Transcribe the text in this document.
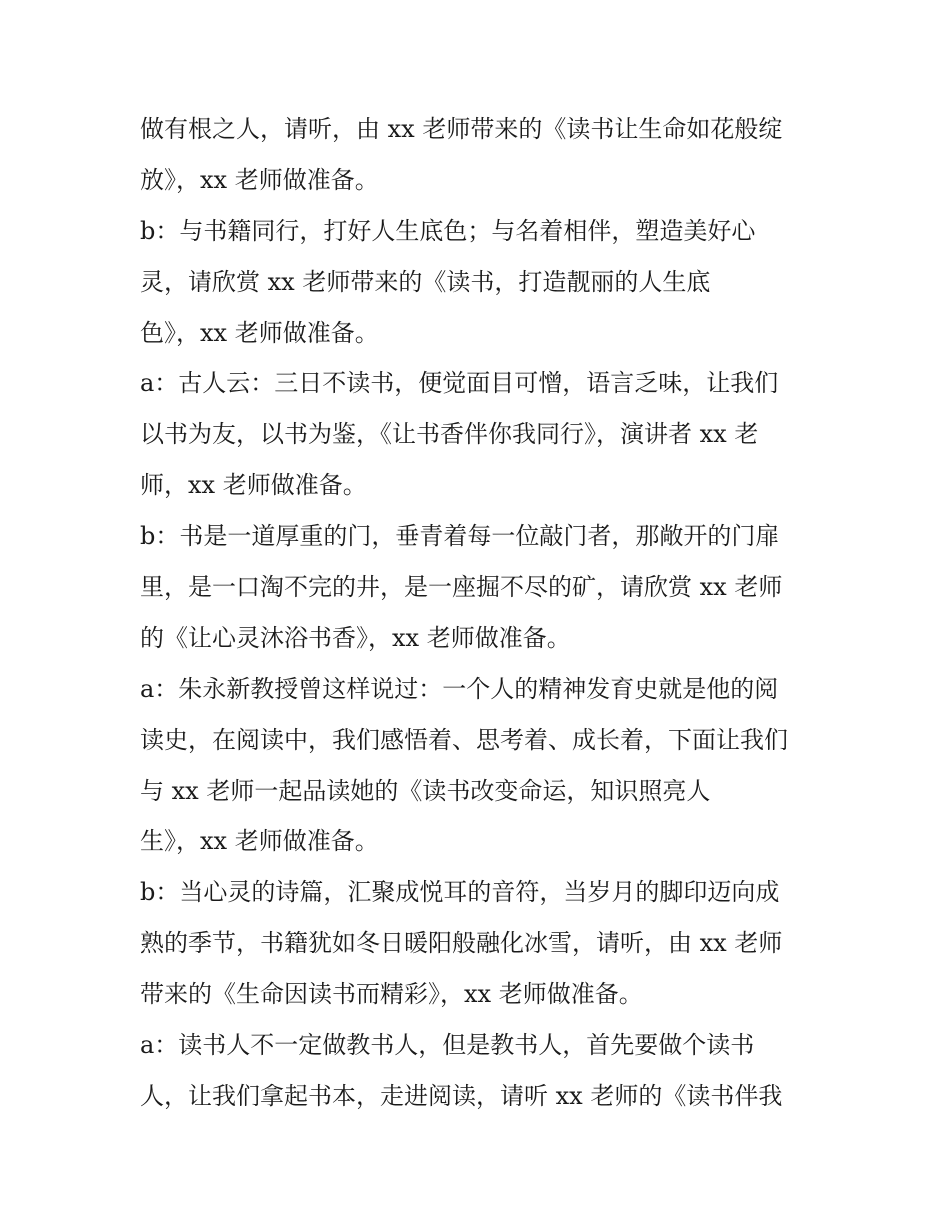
做有根之人，请听，由 xx 老师带来的《读书让生命如花般绽
放》，xx 老师做准备。
b：与书籍同行，打好人生底色；与名着相伴，塑造美好心
灵，请欣赏 xx 老师带来的《读书，打造靓丽的人生底
色》，xx 老师做准备。
a：古人云：三日不读书，便觉面目可憎，语言乏味，让我们
以书为友，以书为鉴，《让书香伴你我同行》，演讲者 xx 老
师，xx 老师做准备。
b：书是一道厚重的门，垂青着每一位敲门者，那敞开的门扉
里，是一口淘不完的井，是一座掘不尽的矿，请欣赏 xx 老师
的《让心灵沐浴书香》，xx 老师做准备。
a：朱永新教授曾这样说过：一个人的精神发育史就是他的阅
读史，在阅读中，我们感悟着、思考着、成长着，下面让我们
与 xx 老师一起品读她的《读书改变命运，知识照亮人
生》，xx 老师做准备。
b：当心灵的诗篇，汇聚成悦耳的音符，当岁月的脚印迈向成
熟的季节，书籍犹如冬日暖阳般融化冰雪，请听，由 xx 老师
带来的《生命因读书而精彩》，xx 老师做准备。
a：读书人不一定做教书人，但是教书人，首先要做个读书
人，让我们拿起书本，走进阅读，请听 xx 老师的《读书伴我
